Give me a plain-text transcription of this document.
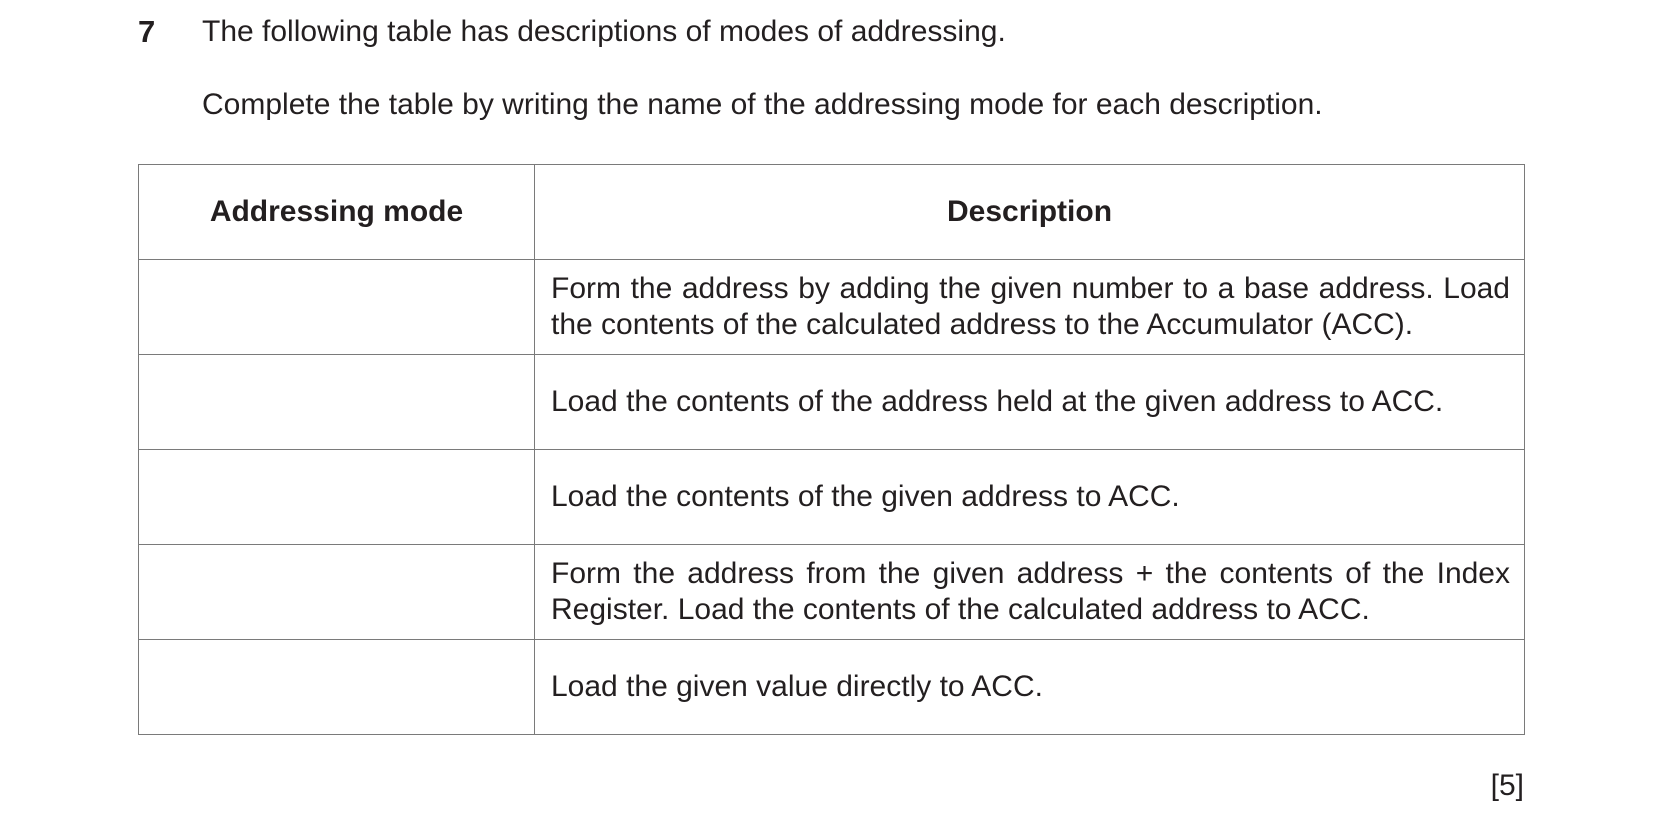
7 The following table has descriptions of modes of addressing.
Complete the table by writing the name of the addressing mode for each description.
Addressing mode	Description
	Form the address by adding the given number to a base address. Load the contents of the calculated address to the Accumulator (ACC).
	Load the contents of the address held at the given address to ACC.
	Load the contents of the given address to ACC.
	Form the address from the given address + the contents of the Index Register. Load the contents of the calculated address to ACC.
	Load the given value directly to ACC.
[5]
